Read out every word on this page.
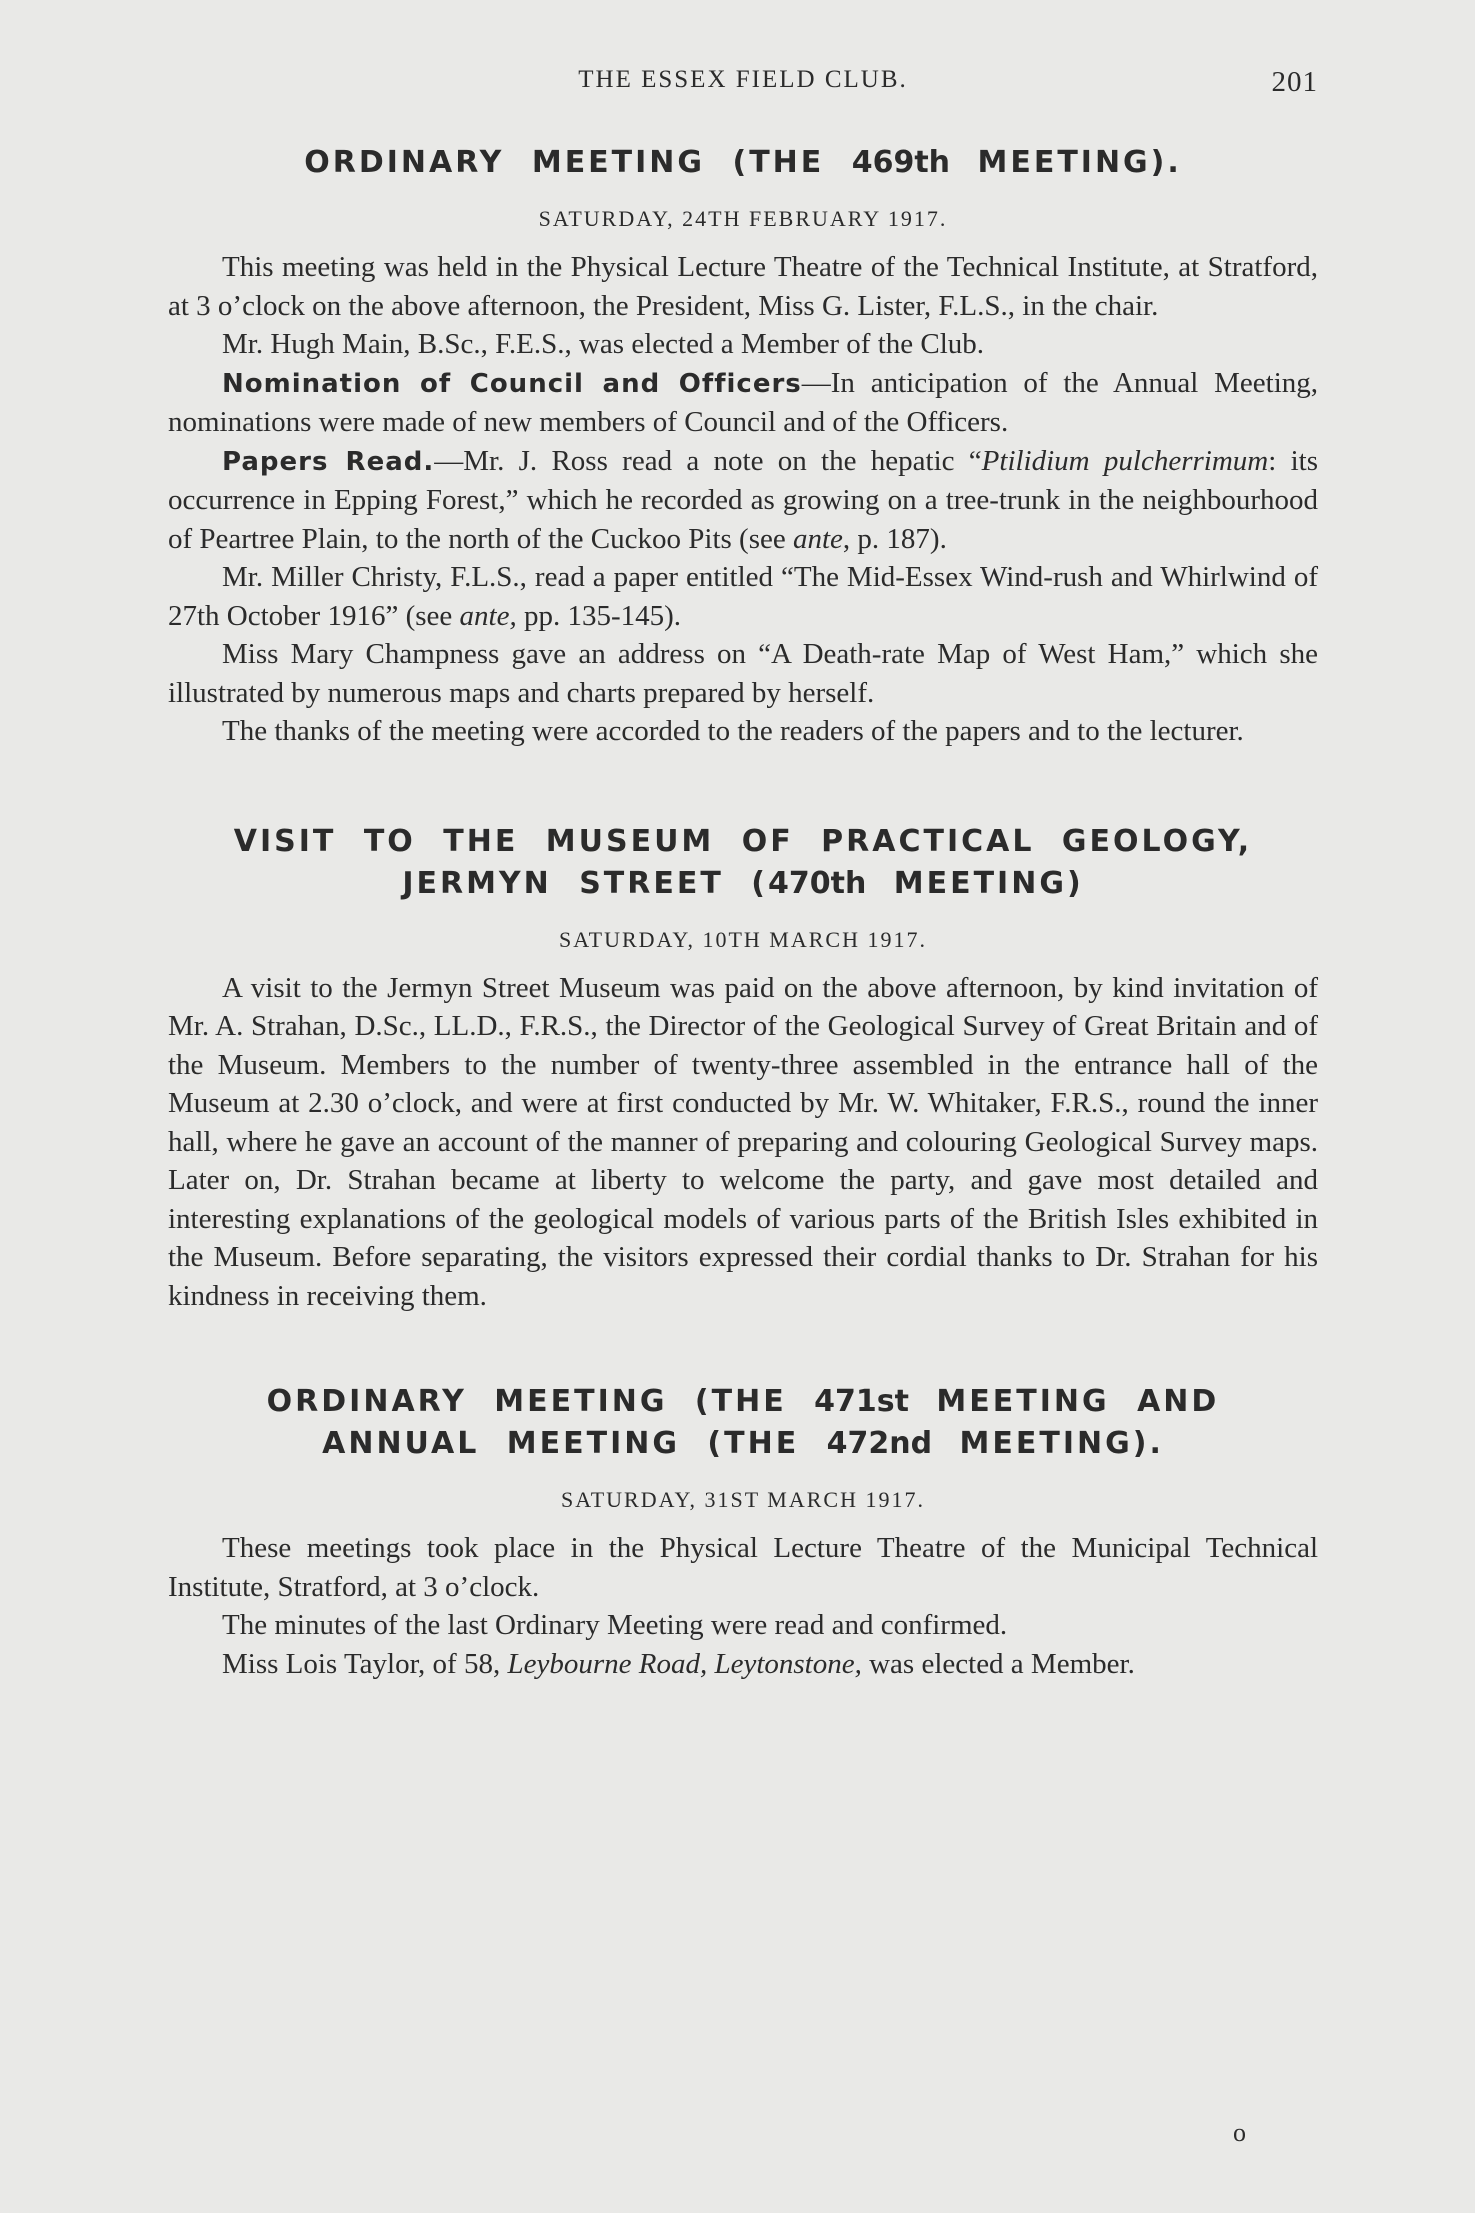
THE ESSEX FIELD CLUB.	201
ORDINARY MEETING (THE 469th MEETING).
SATURDAY, 24TH FEBRUARY 1917.

This meeting was held in the Physical Lecture Theatre of the Technical Institute, at Stratford, at 3 o’clock on the above afternoon, the President, Miss G. Lister, F.L.S., in the chair.

Mr. Hugh Main, B.Sc., F.E.S., was elected a Member of the Club.

Nomination of Council and Officers—In anticipation of the Annual Meeting, nominations were made of new members of Council and of the Officers.

Papers Read.—Mr. J. Ross read a note on the hepatic “Ptilidium pulcherrimum: its occurrence in Epping Forest,” which he recorded as growing on a tree-trunk in the neighbourhood of Peartree Plain, to the north of the Cuckoo Pits (see ante, p. 187).

Mr. Miller Christy, F.L.S., read a paper entitled “The Mid-Essex Wind-rush and Whirlwind of 27th October 1916” (see ante, pp. 135-145).

Miss Mary Champness gave an address on “A Death-rate Map of West Ham,” which she illustrated by numerous maps and charts prepared by herself.

The thanks of the meeting were accorded to the readers of the papers and to the lecturer.

VISIT TO THE MUSEUM OF PRACTICAL GEOLOGY,
JERMYN STREET (470th MEETING)
SATURDAY, 10TH MARCH 1917.

A visit to the Jermyn Street Museum was paid on the above afternoon, by kind invitation of Mr. A. Strahan, D.Sc., LL.D., F.R.S., the Director of the Geological Survey of Great Britain and of the Museum. Members to the number of twenty-three assembled in the entrance hall of the Museum at 2.30 o’clock, and were at first conducted by Mr. W. Whitaker, F.R.S., round the inner hall, where he gave an account of the manner of preparing and colouring Geological Survey maps. Later on, Dr. Strahan became at liberty to welcome the party, and gave most detailed and interesting explanations of the geological models of various parts of the British Isles exhibited in the Museum. Before separating, the visitors expressed their cordial thanks to Dr. Strahan for his kindness in receiving them.

ORDINARY MEETING (THE 471st MEETING AND
ANNUAL MEETING (THE 472nd MEETING).
SATURDAY, 31ST MARCH 1917.

These meetings took place in the Physical Lecture Theatre of the Municipal Technical Institute, Stratford, at 3 o’clock.

The minutes of the last Ordinary Meeting were read and confirmed.

Miss Lois Taylor, of 58, Leybourne Road, Leytonstone, was elected a Member.

o
